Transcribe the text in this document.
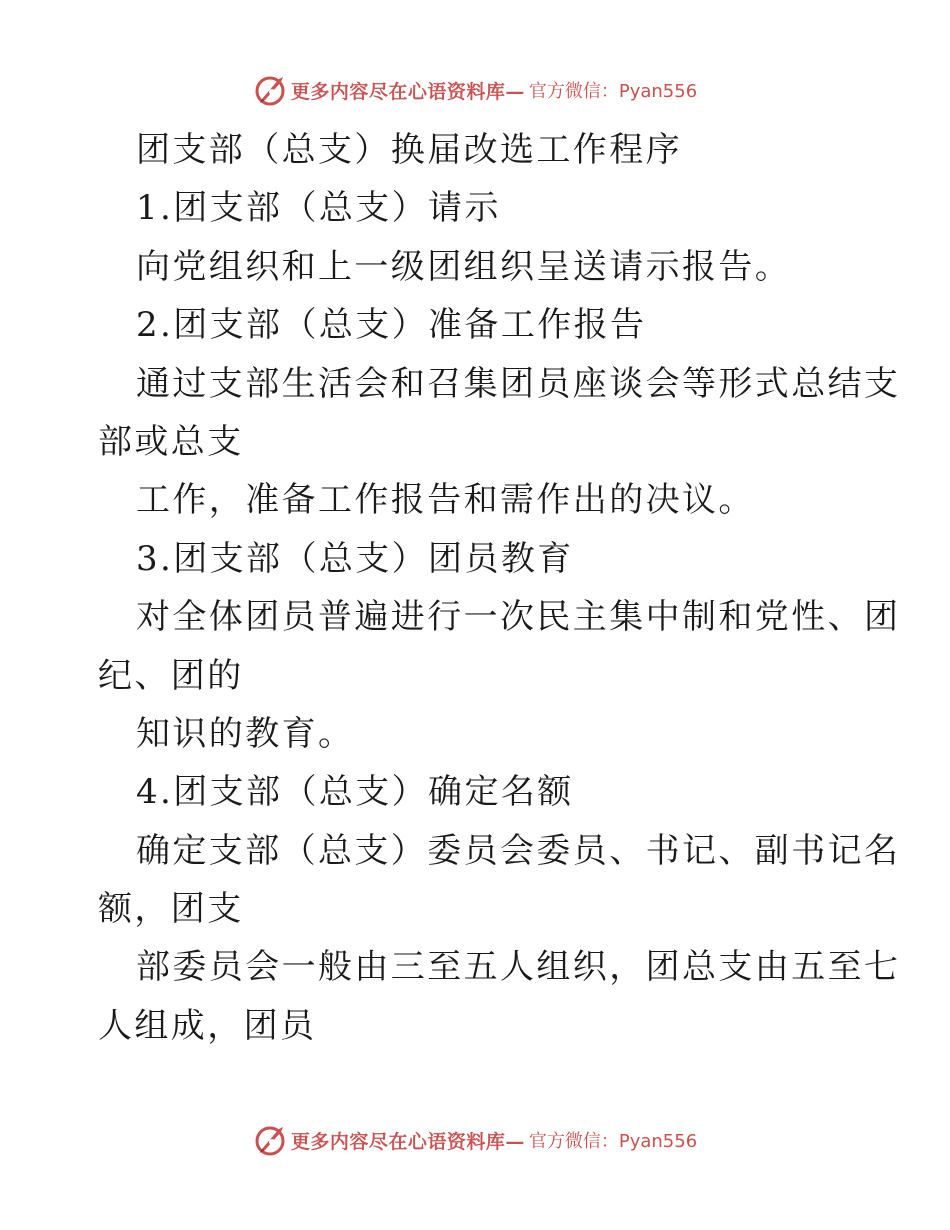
更多内容尽在心语资料库— 官方微信：Pyan556
团支部（总支）换届改选工作程序
1.团支部（总支）请示
向党组织和上一级团组织呈送请示报告。
2.团支部（总支）准备工作报告
通过支部生活会和召集团员座谈会等形式总结支
部或总支
工作，准备工作报告和需作出的决议。
3.团支部（总支）团员教育
对全体团员普遍进行一次民主集中制和党性、团
纪、团的
知识的教育。
4.团支部（总支）确定名额
确定支部（总支）委员会委员、书记、副书记名
额，团支
部委员会一般由三至五人组织，团总支由五至七
人组成，团员
更多内容尽在心语资料库— 官方微信：Pyan556
